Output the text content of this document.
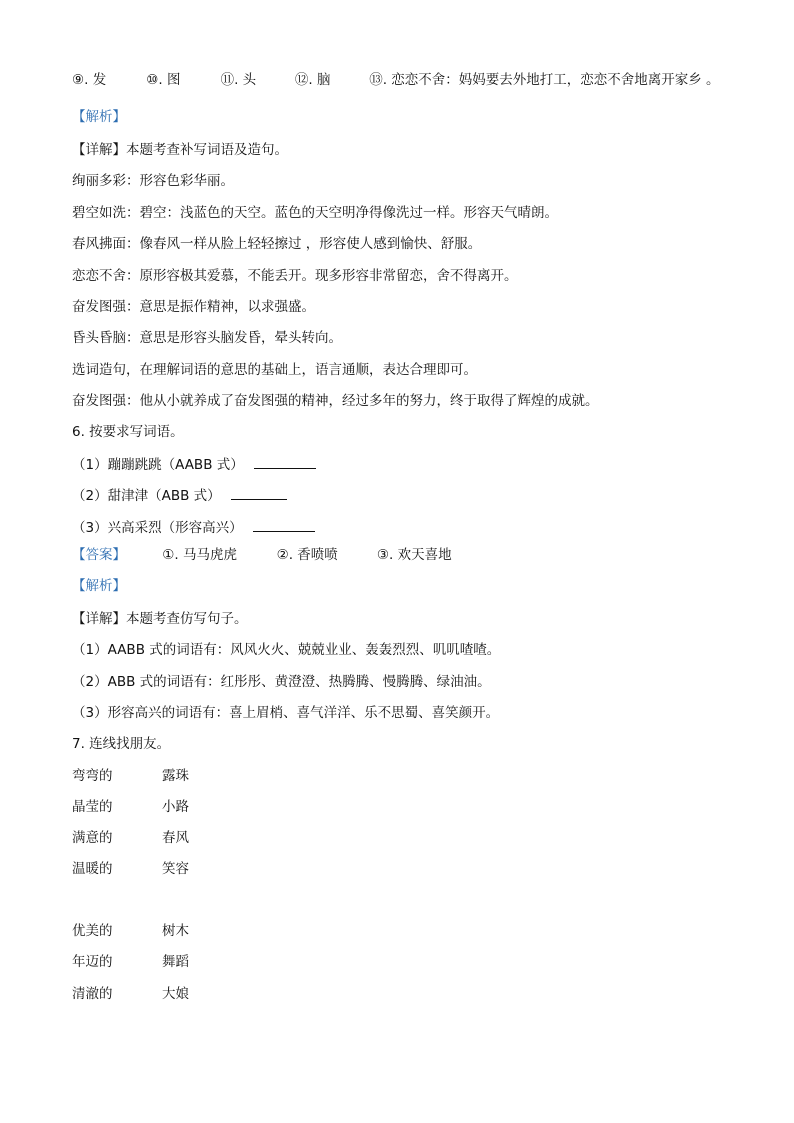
⑨. 发	⑩. 图	⑪. 头	⑫. 脑	⑬. 恋恋不舍：妈妈要去外地打工，恋恋不舍地离开家乡 。
【解析】
【详解】本题考查补写词语及造句。
绚丽多彩：形容色彩华丽。
碧空如洗：碧空：浅蓝色的天空。蓝色的天空明净得像洗过一样。形容天气晴朗。
春风拂面：像春风一样从脸上轻轻擦过 ，形容使人感到愉快、舒服。
恋恋不舍：原形容极其爱慕，不能丢开。现多形容非常留恋，舍不得离开。
奋发图强：意思是振作精神，以求强盛。
昏头昏脑：意思是形容头脑发昏，晕头转向。
选词造句，在理解词语的意思的基础上，语言通顺，表达合理即可。
奋发图强：他从小就养成了奋发图强的精神，经过多年的努力，终于取得了辉煌的成就。
6. 按要求写词语。
（1）蹦蹦跳跳（AABB 式）
（2）甜津津（ABB 式）
（3）兴高采烈（形容高兴）
【答案】	①. 马马虎虎	②. 香喷喷	③. 欢天喜地
【解析】
【详解】本题考查仿写句子。
（1）AABB 式的词语有：风风火火、兢兢业业、轰轰烈烈、叽叽喳喳。
（2）ABB 式的词语有：红彤彤、黄澄澄、热腾腾、慢腾腾、绿油油。
（3）形容高兴的词语有：喜上眉梢、喜气洋洋、乐不思蜀、喜笑颜开。
7. 连线找朋友。
弯弯的	露珠
晶莹的	小路
满意的	春风
温暖的	笑容
优美的	树木
年迈的	舞蹈
清澈的	大娘
